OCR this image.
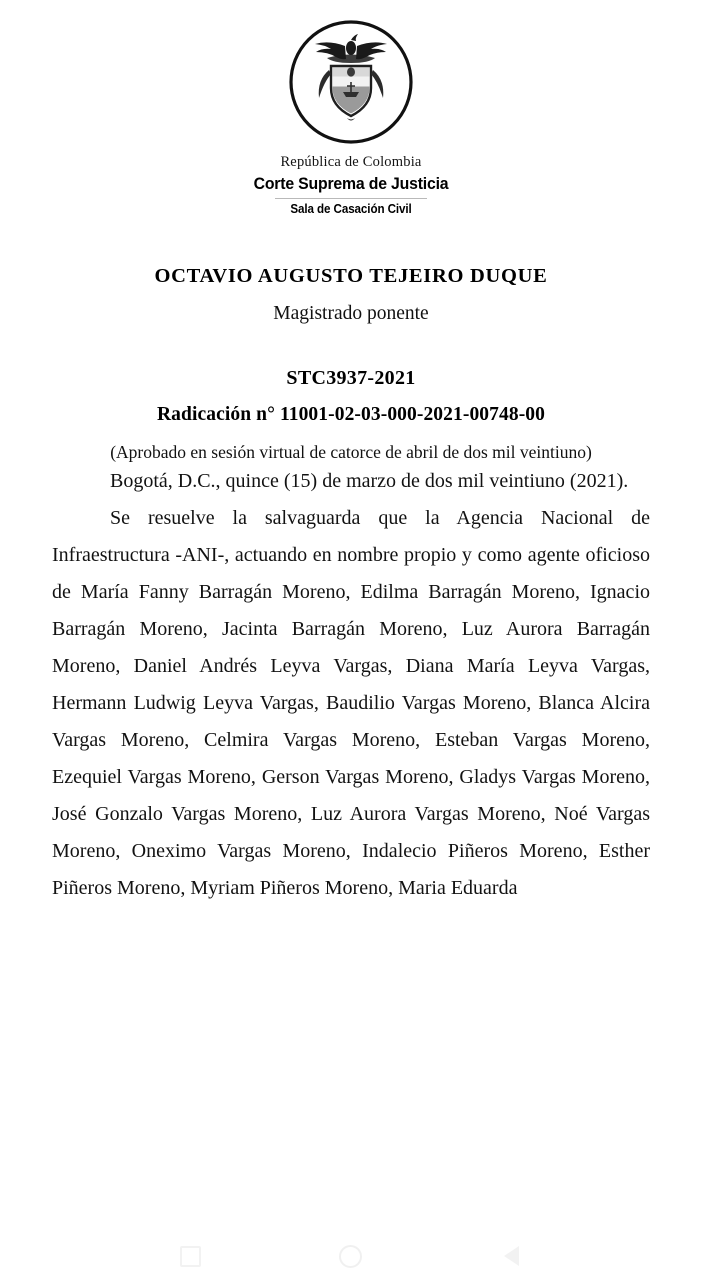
República de Colombia
Corte Suprema de Justicia
Sala de Casación Civil
OCTAVIO AUGUSTO TEJEIRO DUQUE
Magistrado ponente
STC3937-2021
Radicación n° 11001-02-03-000-2021-00748-00
(Aprobado en sesión virtual de catorce de abril de dos mil veintiuno)

Bogotá, D.C., quince (15) de marzo de dos mil veintiuno (2021).

Se resuelve la salvaguarda que la Agencia Nacional de Infraestructura -ANI-, actuando en nombre propio y como agente oficioso de María Fanny Barragán Moreno, Edilma Barragán Moreno, Ignacio Barragán Moreno, Jacinta Barragán Moreno, Luz Aurora Barragán Moreno, Daniel Andrés Leyva Vargas, Diana María Leyva Vargas, Hermann Ludwig Leyva Vargas, Baudilio Vargas Moreno, Blanca Alcira Vargas Moreno, Celmira Vargas Moreno, Esteban Vargas Moreno, Ezequiel Vargas Moreno, Gerson Vargas Moreno, Gladys Vargas Moreno, José Gonzalo Vargas Moreno, Luz Aurora Vargas Moreno, Noé Vargas Moreno, Oneximo Vargas Moreno, Indalecio Piñeros Moreno, Esther Piñeros Moreno, Myriam Piñeros Moreno, Maria Eduarda
